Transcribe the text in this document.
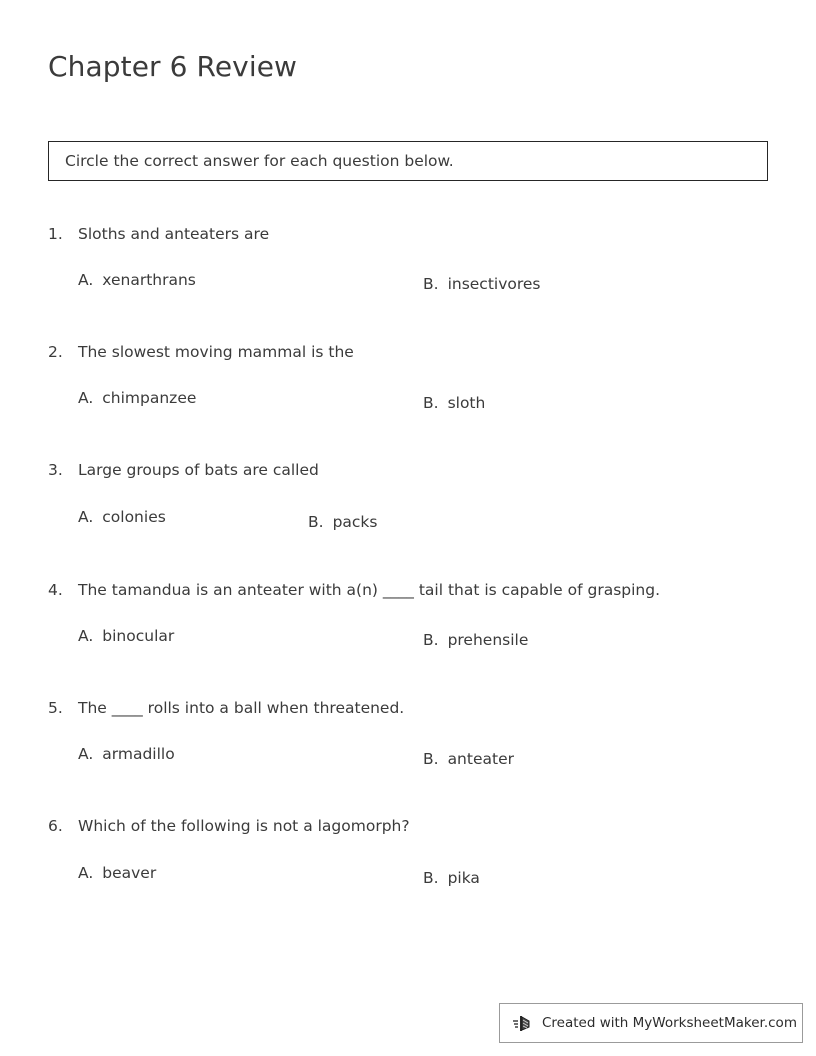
Chapter 6 Review
Circle the correct answer for each question below.
1. Sloths and anteaters are
A. xenarthrans	B. insectivores
2. The slowest moving mammal is the
A. chimpanzee	B. sloth
3. Large groups of bats are called
A. colonies	B. packs
4. The tamandua is an anteater with a(n) ____ tail that is capable of grasping.
A. binocular	B. prehensile
5. The ____ rolls into a ball when threatened.
A. armadillo	B. anteater
6. Which of the following is not a lagomorph?
A. beaver	B. pika
Created with MyWorksheetMaker.com
